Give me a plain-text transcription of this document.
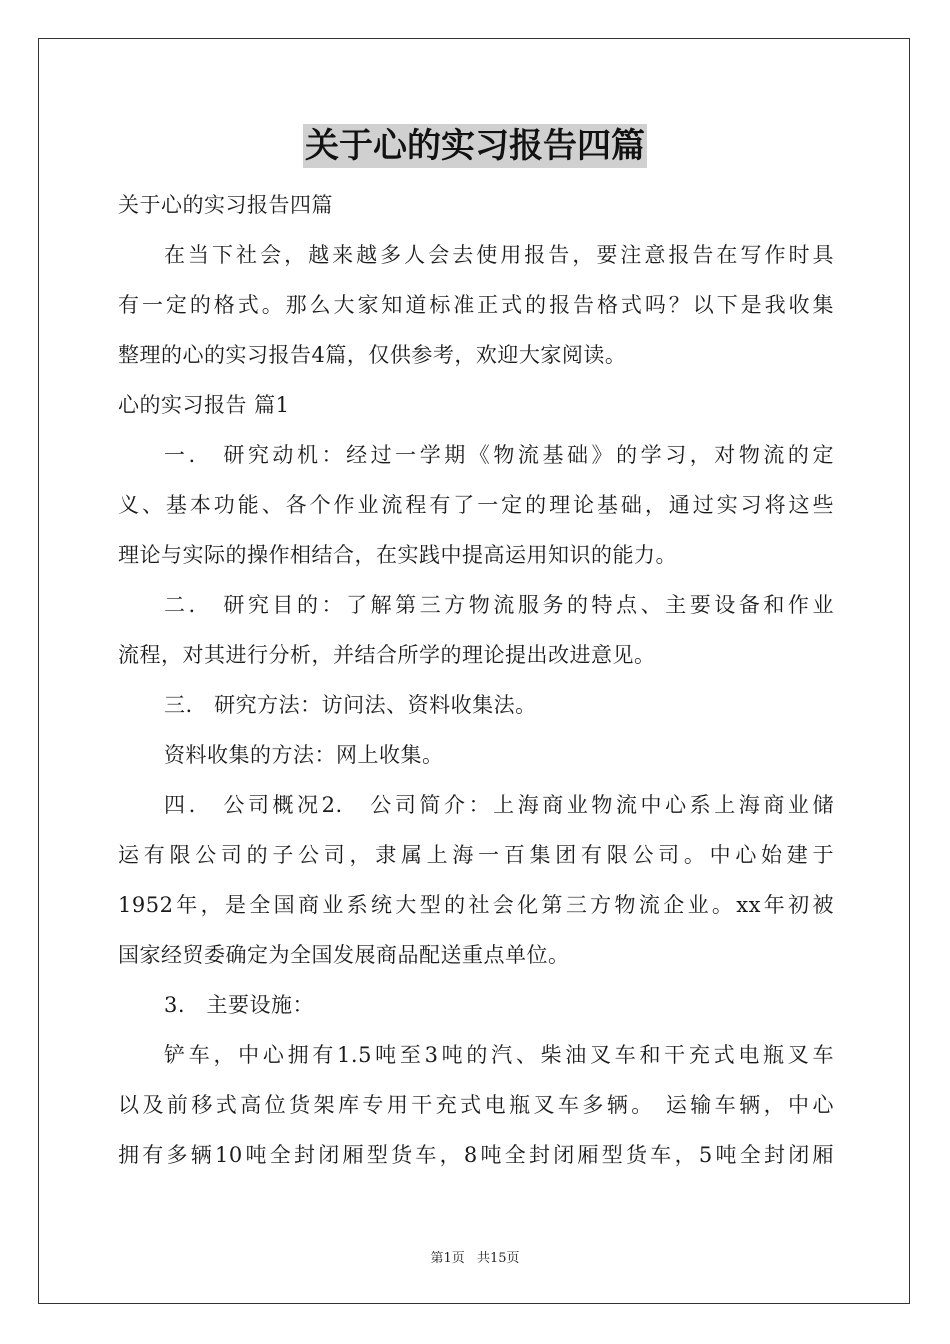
关于心的实习报告四篇
关于心的实习报告四篇
在当下社会，越来越多人会去使用报告，要注意报告在写作时具
有一定的格式。那么大家知道标准正式的报告格式吗？以下是我收集
整理的心的实习报告4篇，仅供参考，欢迎大家阅读。
心的实习报告 篇1
一.　研究动机：经过一学期《物流基础》的学习，对物流的定
义、基本功能、各个作业流程有了一定的理论基础，通过实习将这些
理论与实际的操作相结合，在实践中提高运用知识的能力。
二.　研究目的：了解第三方物流服务的特点、主要设备和作业
流程，对其进行分析，并结合所学的理论提出改进意见。
三.　研究方法：访问法、资料收集法。
资料收集的方法：网上收集。
四.　公司概况2.　公司简介：上海商业物流中心系上海商业储
运有限公司的子公司，隶属上海一百集团有限公司。中心始建于
1952年，是全国商业系统大型的社会化第三方物流企业。xx年初被
国家经贸委确定为全国发展商品配送重点单位。
3.　主要设施：
铲车，中心拥有1.5吨至3吨的汽、柴油叉车和干充式电瓶叉车
以及前移式高位货架库专用干充式电瓶叉车多辆。 运输车辆，中心
拥有多辆10吨全封闭厢型货车，8吨全封闭厢型货车，5吨全封闭厢
第1页 共15页
